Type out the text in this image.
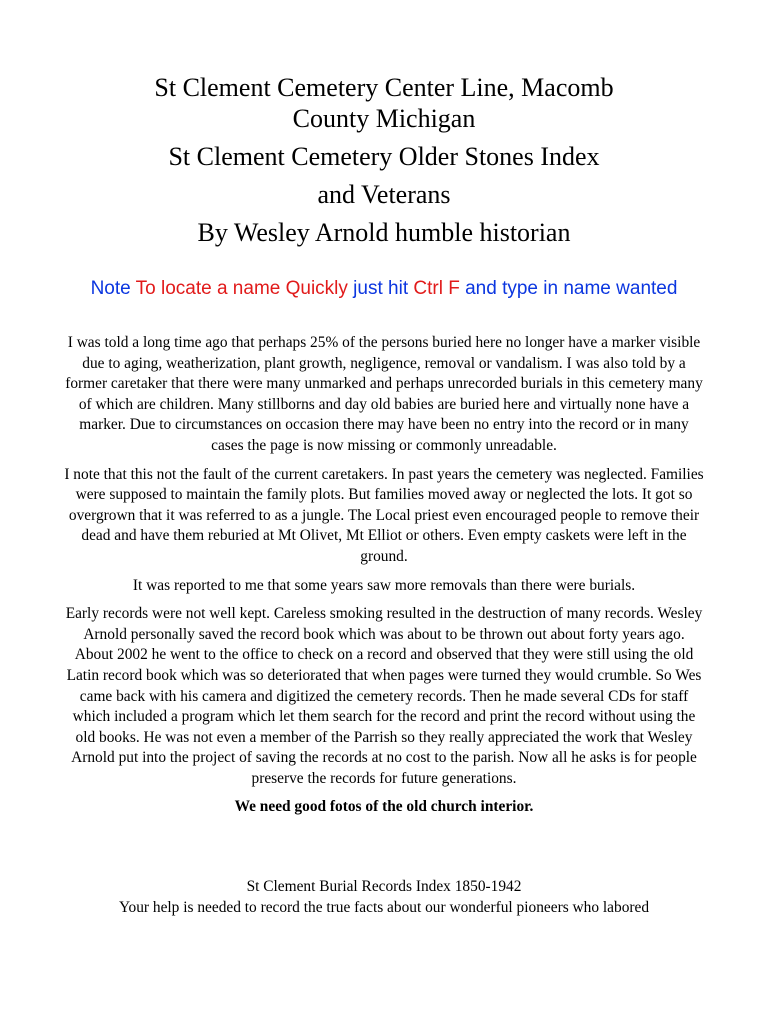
St Clement Cemetery Center Line, Macomb
County Michigan
St Clement Cemetery Older Stones Index
and Veterans
By Wesley Arnold humble historian
Note To locate a name Quickly just hit Ctrl F and type in name wanted

I was told a long time ago that perhaps 25% of the persons buried here no longer have a marker visible due to aging, weatherization, plant growth, negligence, removal or vandalism. I was also told by a former caretaker that there were many unmarked and perhaps unrecorded burials in this cemetery many of which are children. Many stillborns and day old babies are buried here and virtually none have a marker. Due to circumstances on occasion there may have been no entry into the record or in many cases the page is now missing or commonly unreadable.

I note that this not the fault of the current caretakers. In past years the cemetery was neglected. Families were supposed to maintain the family plots. But families moved away or neglected the lots. It got so overgrown that it was referred to as a jungle. The Local priest even encouraged people to remove their dead and have them reburied at Mt Olivet, Mt Elliot or others. Even empty caskets were left in the ground.

It was reported to me that some years saw more removals than there were burials.

Early records were not well kept. Careless smoking resulted in the destruction of many records. Wesley Arnold personally saved the record book which was about to be thrown out about forty years ago. About 2002 he went to the office to check on a record and observed that they were still using the old Latin record book which was so deteriorated that when pages were turned they would crumble. So Wes came back with his camera and digitized the cemetery records. Then he made several CDs for staff which included a program which let them search for the record and print the record without using the old books. He was not even a member of the Parrish so they really appreciated the work that Wesley Arnold put into the project of saving the records at no cost to the parish. Now all he asks is for people preserve the records for future generations.

We need good fotos of the old church interior.

St Clement Burial Records Index 1850-1942
Your help is needed to record the true facts about our wonderful pioneers who labored
